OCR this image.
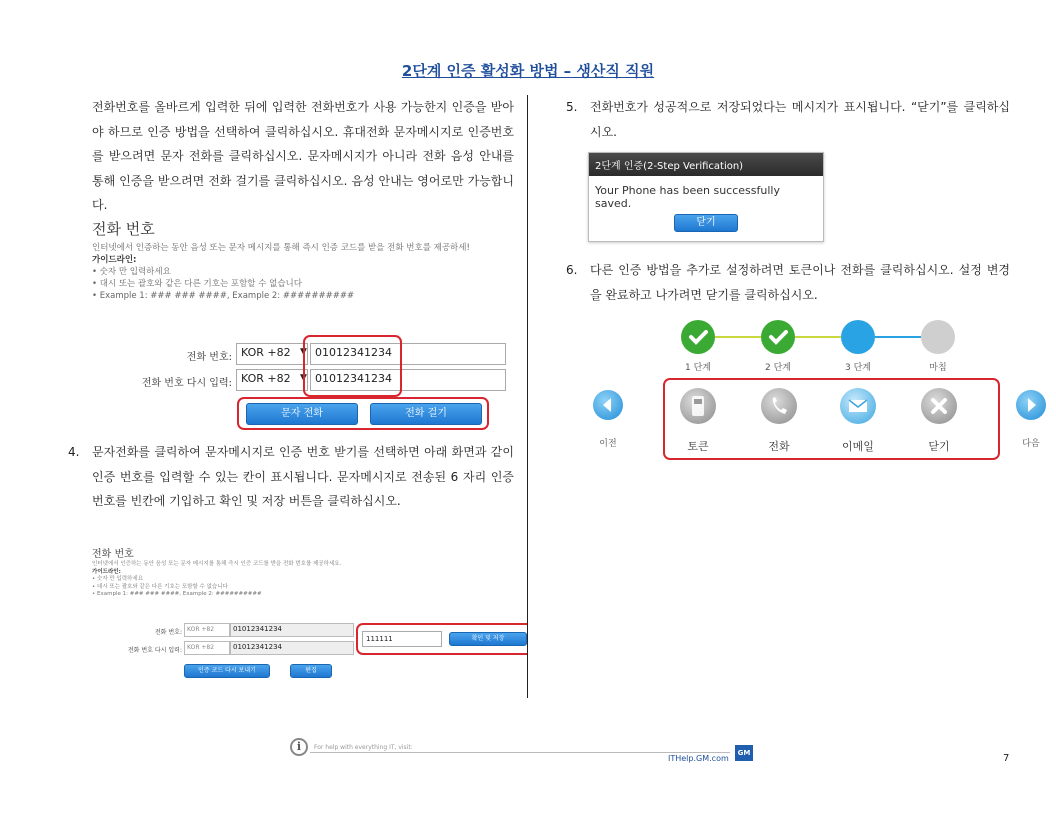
2단계 인증 활성화 방법 – 생산직 직원
전화번호를 올바르게 입력한 뒤에 입력한 전화번호가 사용 가능한지 인증을 받아야 하므로 인증 방법을 선택하여 클릭하십시오. 휴대전화 문자메시지로 인증번호를 받으려면 문자 전화를 클릭하십시오. 문자메시지가 아니라 전화 음성 안내를 통해 인증을 받으려면 전화 걸기를 클릭하십시오. 음성 안내는 영어로만 가능합니다.
전화 번호
인터넷에서 인증하는 동안 음성 또는 문자 메시지를 통해 즉시 인증 코드를 받을 전화 번호를 제공하세!
가이드라인:
• 숫자 만 입력하세요
• 대시 또는 괄호와 같은 다른 기호는 포함할 수 없습니다
• Example 1: ### ### ####, Example 2: ##########
전화 번호: KOR +82	▼ 01012341234
전화 번호 다시 입력: KOR +82	▼ 01012341234
문자 전화	전화 걸기
4. 문자전화를 클릭하여 문자메시지로 인증 번호 받기를 선택하면 아래 화면과 같이 인증 번호를 입력할 수 있는 칸이 표시됩니다. 문자메시지로 전송된 6 자리 인증 번호를 빈칸에 기입하고 확인 및 저장 버튼을 클릭하십시오.
전화 번호
인터넷에서 인증하는 동안 음성 또는 문자 메시지를 통해 즉시 인증 코드를 받을 전화 번호를 제공하세요.
가이드라인:
• 숫자 만 입력하세요
• 대시 또는 괄호와 같은 다른 기호는 포함할 수 없습니다
• Example 1: ### ### ####, Example 2: ##########
전화 번호: KOR +82	01012341234
전화 번호 다시 입력: KOR +82	01012341234
111111	확인 및 저장
인증 코드 다시 보내기	편집
5. 전화번호가 성공적으로 저장되었다는 메시지가 표시됩니다. “닫기”를 클릭하십시오.
2단계 인증(2-Step Verification)
Your Phone has been successfully saved.
닫기
6. 다른 인증 방법을 추가로 설정하려면 토큰이나 전화를 클릭하십시오. 설정 변경을 완료하고 나가려면 닫기를 클릭하십시오.
1 단계	2 단계	3 단계	마침
이전	다음
토큰	전화	이메일	닫기
i	For help with everything IT, visit:
ITHelp.GM.com
GM	7
